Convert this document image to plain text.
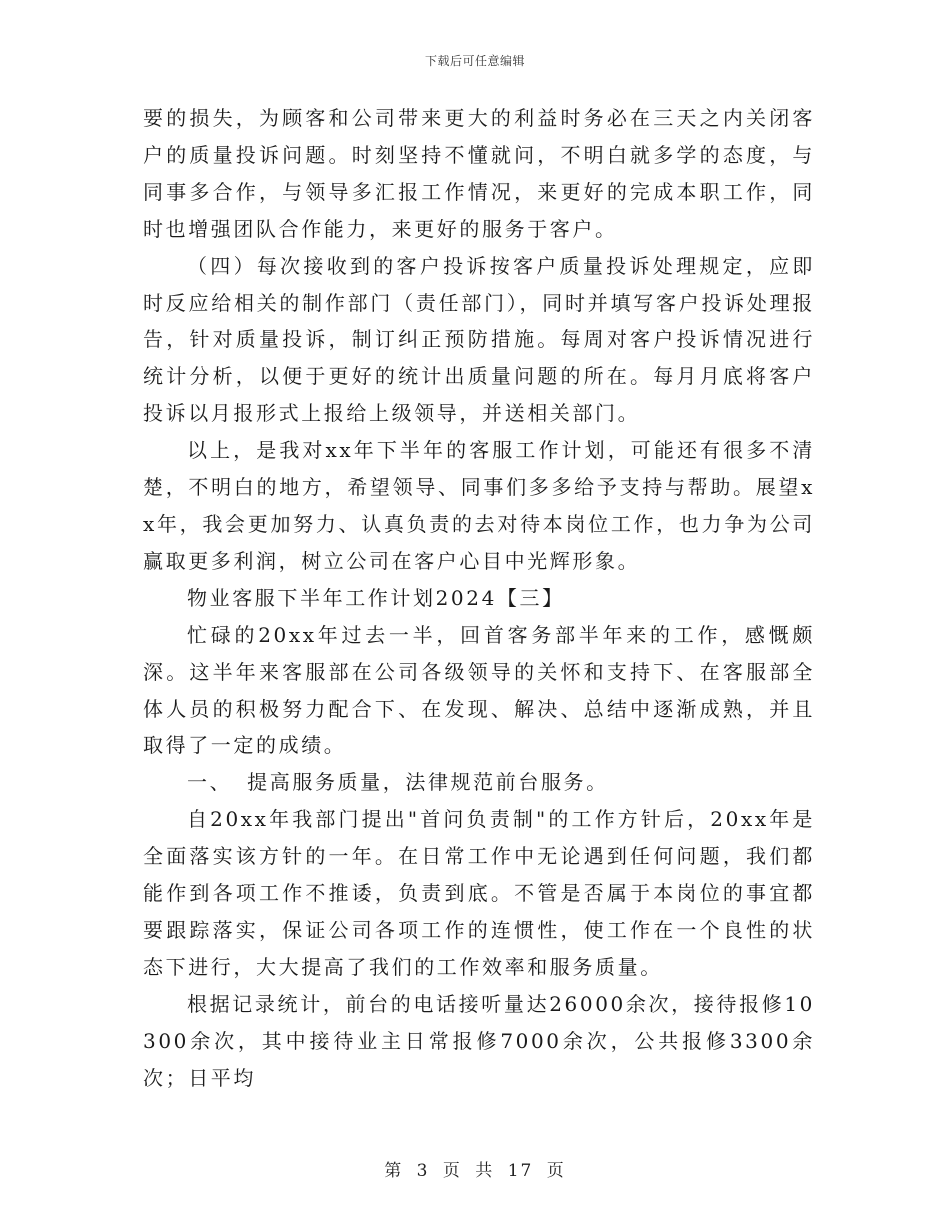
下载后可任意编辑

要的损失，为顾客和公司带来更大的利益时务必在三天之内关闭客户的质量投诉问题。时刻坚持不懂就问，不明白就多学的态度，与同事多合作，与领导多汇报工作情况，来更好的完成本职工作，同时也增强团队合作能力，来更好的服务于客户。

（四）每次接收到的客户投诉按客户质量投诉处理规定，应即时反应给相关的制作部门（责任部门），同时并填写客户投诉处理报告，针对质量投诉，制订纠正预防措施。每周对客户投诉情况进行统计分析，以便于更好的统计出质量问题的所在。每月月底将客户投诉以月报形式上报给上级领导，并送相关部门。

以上，是我对xx年下半年的客服工作计划，可能还有很多不清楚，不明白的地方，希望领导、同事们多多给予支持与帮助。展望xx年，我会更加努力、认真负责的去对待本岗位工作，也力争为公司赢取更多利润，树立公司在客户心目中光辉形象。

物业客服下半年工作计划2024【三】

忙碌的20xx年过去一半，回首客务部半年来的工作，感慨颇深。这半年来客服部在公司各级领导的关怀和支持下、在客服部全体人员的积极努力配合下、在发现、解决、总结中逐渐成熟，并且取得了一定的成绩。

一、 提高服务质量，法律规范前台服务。

自20xx年我部门提出"首问负责制"的工作方针后，20xx年是全面落实该方针的一年。在日常工作中无论遇到任何问题，我们都能作到各项工作不推诿，负责到底。不管是否属于本岗位的事宜都要跟踪落实，保证公司各项工作的连惯性，使工作在一个良性的状态下进行，大大提高了我们的工作效率和服务质量。

根据记录统计，前台的电话接听量达26000余次，接待报修10300余次，其中接待业主日常报修7000余次，公共报修3300余次；日平均

第 3 页 共 17 页
